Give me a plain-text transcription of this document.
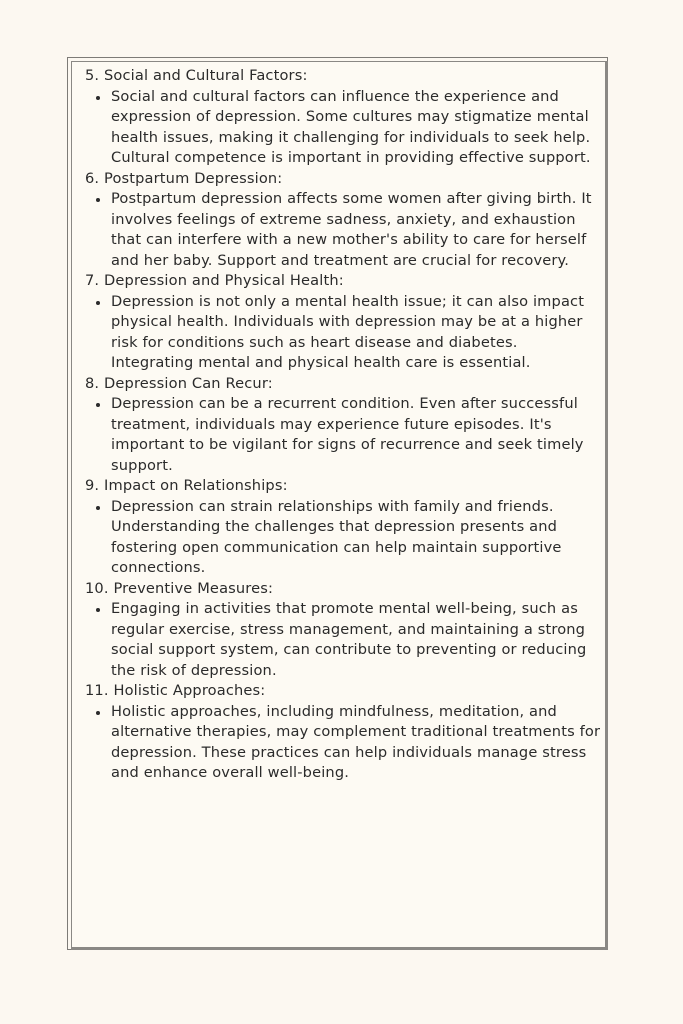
5. Social and Cultural Factors:

Social and cultural factors can influence the experience and expression of depression. Some cultures may stigmatize mental health issues, making it challenging for individuals to seek help. Cultural competence is important in providing effective support.

6. Postpartum Depression:

Postpartum depression affects some women after giving birth. It involves feelings of extreme sadness, anxiety, and exhaustion that can interfere with a new mother's ability to care for herself and her baby. Support and treatment are crucial for recovery.

7. Depression and Physical Health:

Depression is not only a mental health issue; it can also impact physical health. Individuals with depression may be at a higher risk for conditions such as heart disease and diabetes. Integrating mental and physical health care is essential.

8. Depression Can Recur:

Depression can be a recurrent condition. Even after successful treatment, individuals may experience future episodes. It's important to be vigilant for signs of recurrence and seek timely support.

9. Impact on Relationships:

Depression can strain relationships with family and friends. Understanding the challenges that depression presents and fostering open communication can help maintain supportive connections.

10. Preventive Measures:

Engaging in activities that promote mental well-being, such as regular exercise, stress management, and maintaining a strong social support system, can contribute to preventing or reducing the risk of depression.

11. Holistic Approaches:

Holistic approaches, including mindfulness, meditation, and alternative therapies, may complement traditional treatments for depression. These practices can help individuals manage stress and enhance overall well-being.
